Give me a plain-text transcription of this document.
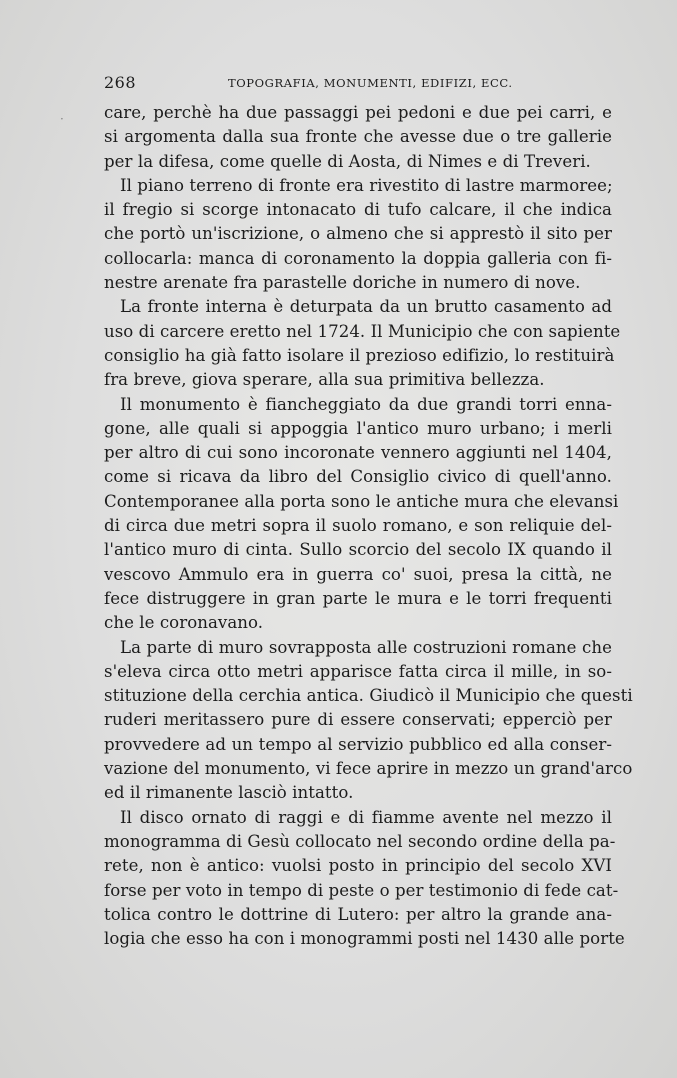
·
268	TOPOGRAFIA, MONUMENTI, EDIFIZI, ECC.
care, perchè ha due passaggi pei pedoni e due pei carri, e
si argomenta dalla sua fronte che avesse due o tre gallerie
per la difesa, come quelle di Aosta, di Nimes e di Treveri.
Il piano terreno di fronte era rivestito di lastre marmoree;
il fregio si scorge intonacato di tufo calcare, il che indica
che portò un'iscrizione, o almeno che si apprestò il sito per
collocarla: manca di coronamento la doppia galleria con fi-
nestre arenate fra parastelle doriche in numero di nove.
La fronte interna è deturpata da un brutto casamento ad
uso di carcere eretto nel 1724. Il Municipio che con sapiente
consiglio ha già fatto isolare il prezioso edifizio, lo restituirà
fra breve, giova sperare, alla sua primitiva bellezza.
Il monumento è fiancheggiato da due grandi torri enna-
gone, alle quali si appoggia l'antico muro urbano; i merli
per altro di cui sono incoronate vennero aggiunti nel 1404,
come si ricava da libro del Consiglio civico di quell'anno.
Contemporanee alla porta sono le antiche mura che elevansi
di circa due metri sopra il suolo romano, e son reliquie del-
l'antico muro di cinta. Sullo scorcio del secolo IX quando il
vescovo Ammulo era in guerra co' suoi, presa la città, ne
fece distruggere in gran parte le mura e le torri frequenti
che le coronavano.
La parte di muro sovrapposta alle costruzioni romane che
s'eleva circa otto metri apparisce fatta circa il mille, in so-
stituzione della cerchia antica. Giudicò il Municipio che questi
ruderi meritassero pure di essere conservati; epperciò per
provvedere ad un tempo al servizio pubblico ed alla conser-
vazione del monumento, vi fece aprire in mezzo un grand'arco
ed il rimanente lasciò intatto.
Il disco ornato di raggi e di fiamme avente nel mezzo il
monogramma di Gesù collocato nel secondo ordine della pa-
rete, non è antico: vuolsi posto in principio del secolo XVI
forse per voto in tempo di peste o per testimonio di fede cat-
tolica contro le dottrine di Lutero: per altro la grande ana-
logia che esso ha con i monogrammi posti nel 1430 alle porte
